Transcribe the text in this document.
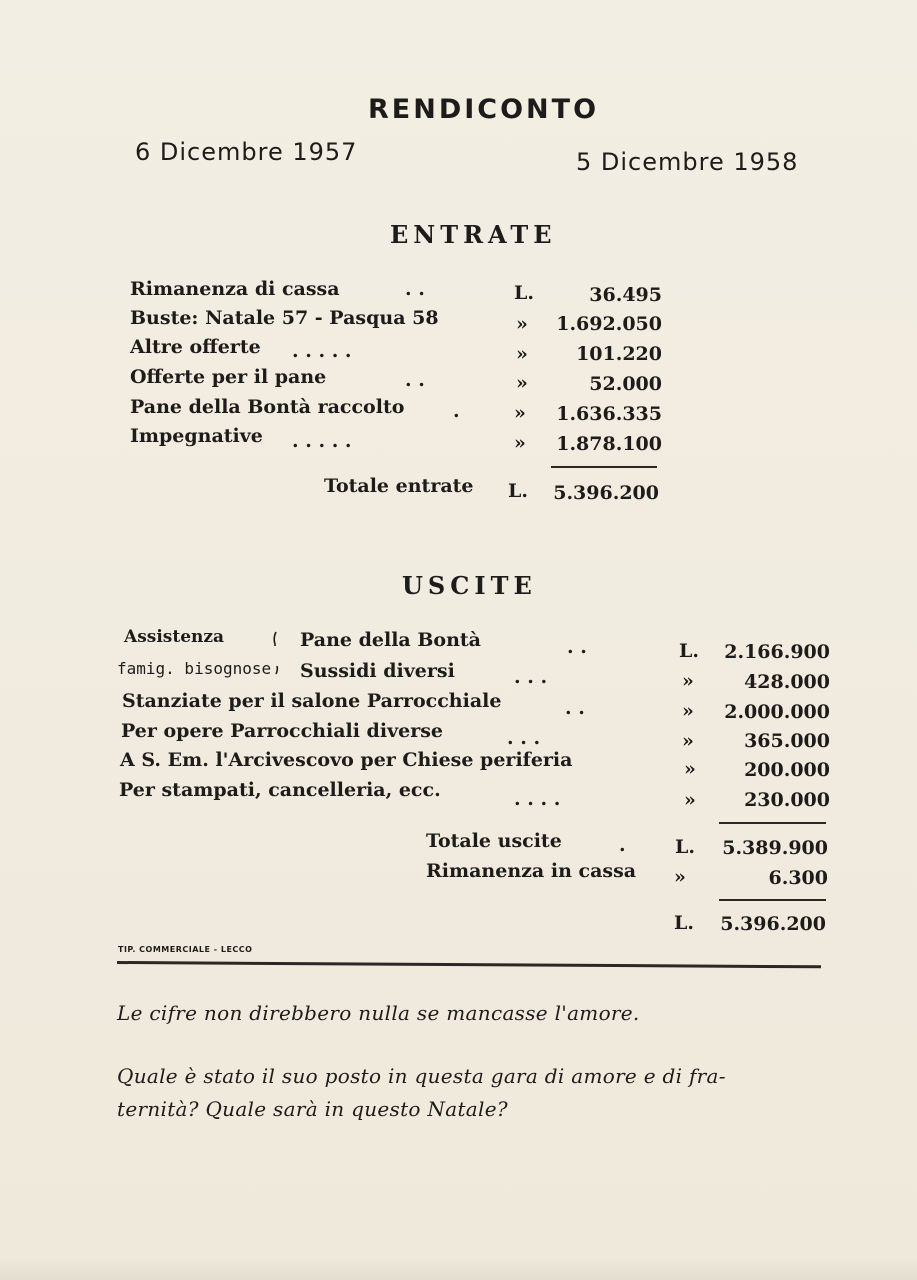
RENDICONTO
6 Dicembre 1957	5 Dicembre 1958
ENTRATE
Rimanenza di cassa	. .	L.	36.495
Buste: Natale 57 - Pasqua 58	» 1.692.050
Altre offerte . . . . .	»	101.220
Offerte per il pane	. .	»	52.000
Pane della Bontà raccolto	.	» 1.636.335
Impegnative . . . . .	» 1.878.100
Totale entrate L. 5.396.200
USCITE
Assistenza
famig. bisognose
Pane della Bontà	. .	L. 2.166.900
Sussidi diversi	. . .	»	428.000
Stanziate per il salone Parrocchiale	. .	» 2.000.000
Per opere Parrocchiali diverse	. . .	»	365.000
A S. Em. l'Arcivescovo per Chiese periferia	»	200.000
Per stampati, cancelleria, ecc.	. . . .	»	230.000
Totale uscite	.	L. 5.389.900
Rimanenza in cassa »	6.300
L. 5.396.200
TIP. COMMERCIALE - LECCO
Le cifre non direbbero nulla se mancasse l'amore.
Quale è stato il suo posto in questa gara di amore e di fra-
ternità? Quale sarà in questo Natale?
